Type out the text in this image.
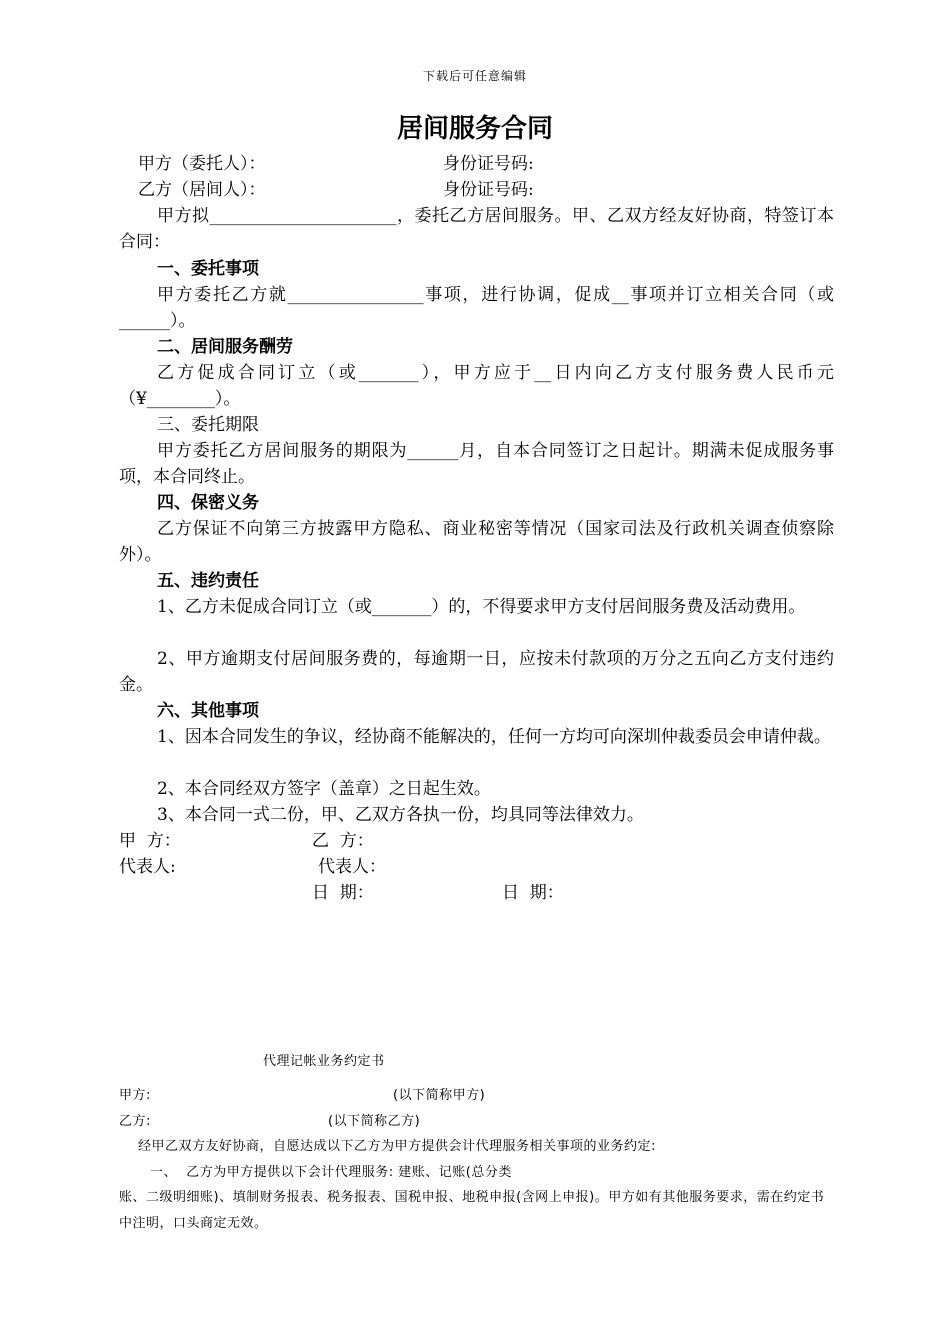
下载后可任意编辑
居间服务合同
甲方（委托人）：	身份证号码:
乙方（居间人）：	身份证号码:
甲方拟______________________，委托乙方居间服务。甲、乙双方经友好协商，特签订本合同：
一、委托事项
甲方委托乙方就________________事项，进行协调，促成__事项并订立相关合同（或______）。
二、居间服务酬劳
乙方促成合同订立（或_______），甲方应于__日内向乙方支付服务费人民币元（¥________）。
三、委托期限
甲方委托乙方居间服务的期限为______月，自本合同签订之日起计。期满未促成服务事项，本合同终止。
四、保密义务
乙方保证不向第三方披露甲方隐私、商业秘密等情况（国家司法及行政机关调查侦察除外）。
五、违约责任
1、乙方未促成合同订立（或_______）的，不得要求甲方支付居间服务费及活动费用。
2、甲方逾期支付居间服务费的，每逾期一日，应按未付款项的万分之五向乙方支付违约金。
六、其他事项
1、因本合同发生的争议，经协商不能解决的，任何一方均可向深圳仲裁委员会申请仲裁。
2、本合同经双方签字（盖章）之日起生效。
3、本合同一式二份，甲、乙双方各执一份，均具同等法律效力。
甲  方：	乙  方：
代表人:	代表人：
日  期：	日  期：
代理记帐业务约定书
甲方:	(以下简称甲方)
乙方:	(以下简称乙方)
经甲乙双方友好协商，自愿达成以下乙方为甲方提供会计代理服务相关事项的业务约定:
一、  乙方为甲方提供以下会计代理服务: 建账、记账(总分类
账、二级明细账)、填制财务报表、税务报表、国税申报、地税申报(含网上申报)。甲方如有其他服务要求，需在约定书中注明，口头商定无效。
